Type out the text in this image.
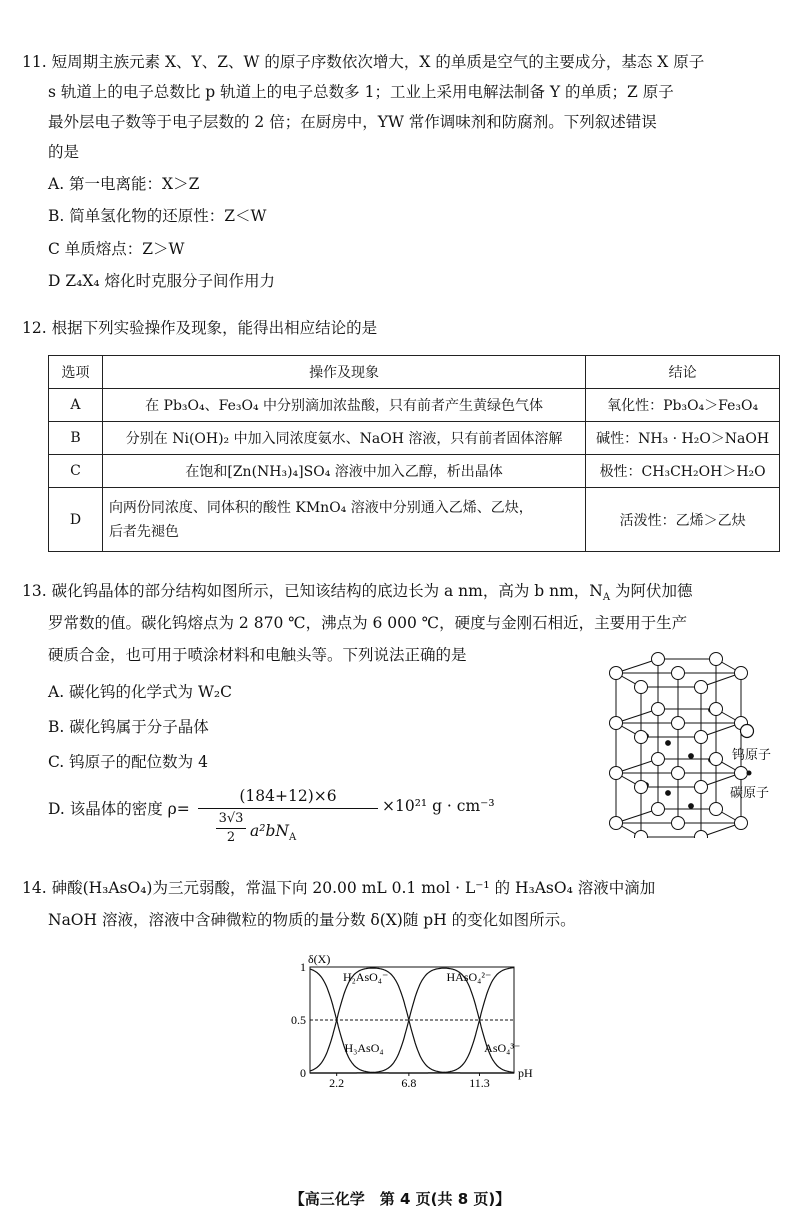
11. 短周期主族元素 X、Y、Z、W 的原子序数依次增大，X 的单质是空气的主要成分，基态 X 原子
s 轨道上的电子总数比 p 轨道上的电子总数多 1；工业上采用电解法制备 Y 的单质；Z 原子
最外层电子数等于电子层数的 2 倍；在厨房中，YW 常作调味剂和防腐剂。下列叙述错误
的是
A. 第一电离能：X＞Z
B. 简单氢化物的还原性：Z＜W
C 单质熔点：Z＞W
D Z₄X₄ 熔化时克服分子间作用力
12. 根据下列实验操作及现象，能得出相应结论的是
选项	操作及现象	结论
A	在 Pb₃O₄、Fe₃O₄ 中分别滴加浓盐酸，只有前者产生黄绿色气体	氧化性：Pb₃O₄＞Fe₃O₄
B	分别在 Ni(OH)₂ 中加入同浓度氨水、NaOH 溶液，只有前者固体溶解	碱性：NH₃ · H₂O＞NaOH
C	在饱和[Zn(NH₃)₄]SO₄ 溶液中加入乙醇，析出晶体	极性：CH₃CH₂OH＞H₂O
D	向两份同浓度、同体积的酸性 KMnO₄ 溶液中分别通入乙烯、乙炔，
后者先褪色	活泼性：乙烯＞乙炔
13. 碳化钨晶体的部分结构如图所示，已知该结构的底边长为 a nm，高为 b nm，$N_A$ 为阿伏加德
罗常数的值。碳化钨熔点为 2 870 ℃，沸点为 6 000 ℃，硬度与金刚石相近，主要用于生产
硬质合金，也可用于喷涂材料和电触头等。下列说法正确的是
A. 碳化钨的化学式为 W₂C
B. 碳化钨属于分子晶体
C. 钨原子的配位数为 4
D. 该晶体的密度 ρ=
(184+12)×6
3√3
2 $a^2bN_A$
×10²¹ g · cm⁻³
钨原子
碳原子
14. 砷酸(H₃AsO₄)为三元弱酸，常温下向 20.00 mL 0.1 mol · L⁻¹ 的 H₃AsO₄ 溶液中滴加
NaOH 溶液，溶液中含砷微粒的物质的量分数 δ(X)随 pH 的变化如图所示。
0
0.5
1
2.2	6.8	11.3
δ(X)
pH
H₃AsO₄
H₂AsO₄⁻	HAsO₄²⁻
AsO₄³⁻
【高三化学　第 4 页(共 8 页)】
